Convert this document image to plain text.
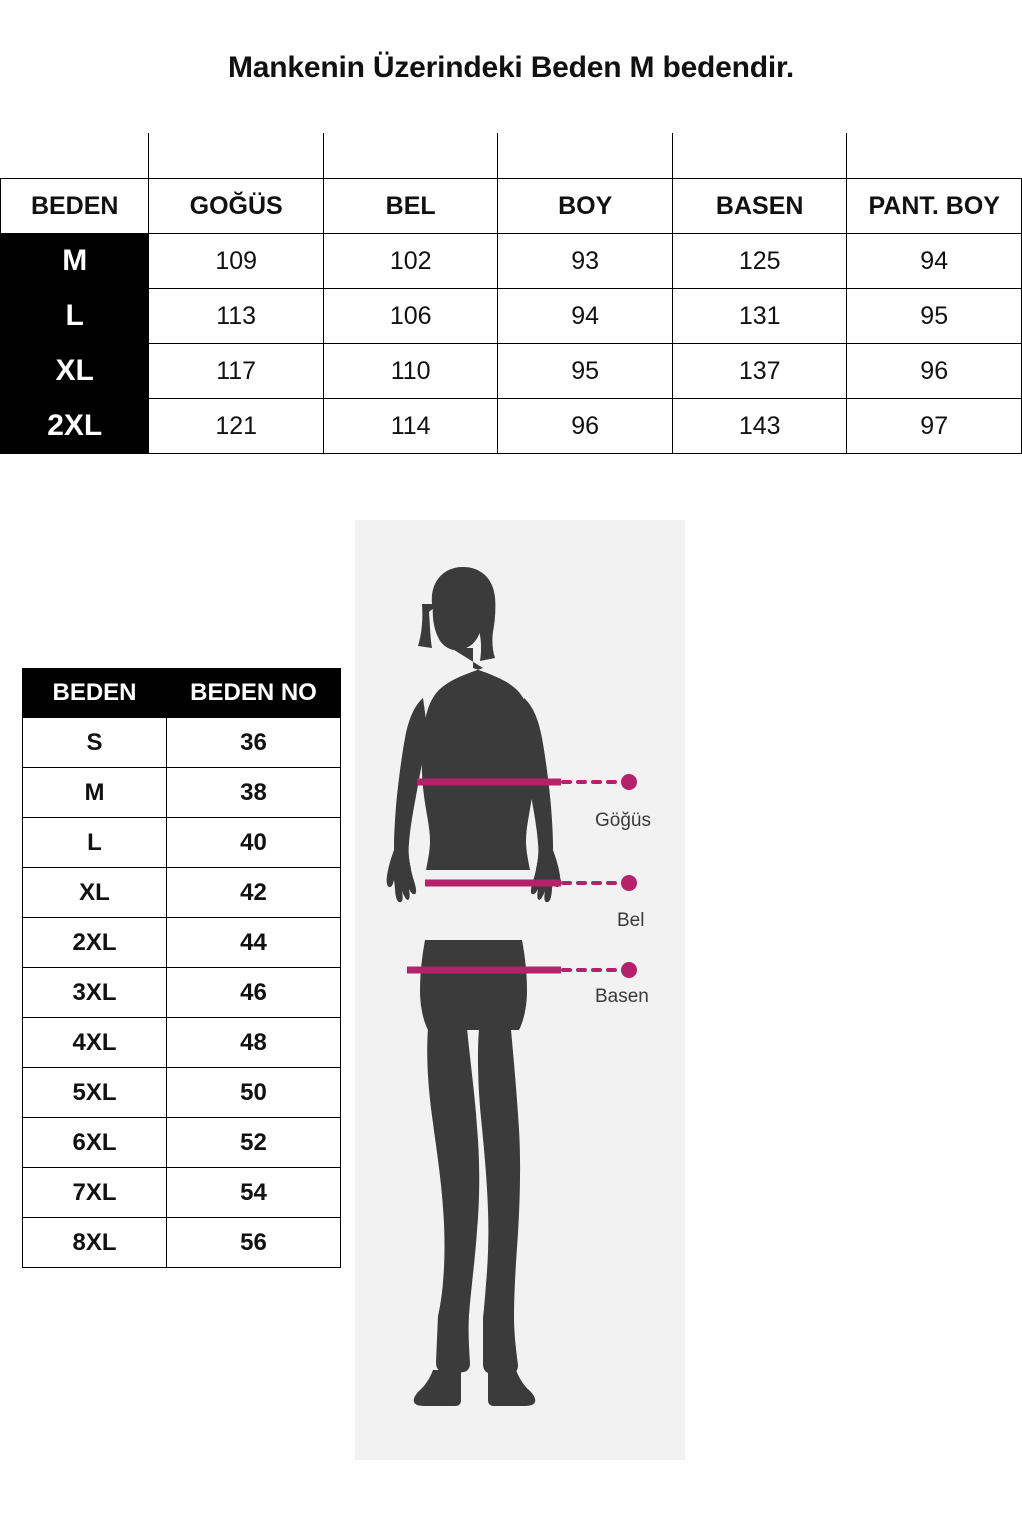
Mankenin Üzerindeki Beden M bedendir.

BEDEN	GOĞÜS	BEL	BOY	BASEN	PANT. BOY
M	109	102	93	125	94
L	113	106	94	131	95
XL	117	110	95	137	96
2XL	121	114	96	143	97
BEDEN	BEDEN NO
S	36
M	38
L	40
XL	42
2XL	44
3XL	46
4XL	48
5XL	50
6XL	52
7XL	54
8XL	56
Göğüs
Bel
Basen
